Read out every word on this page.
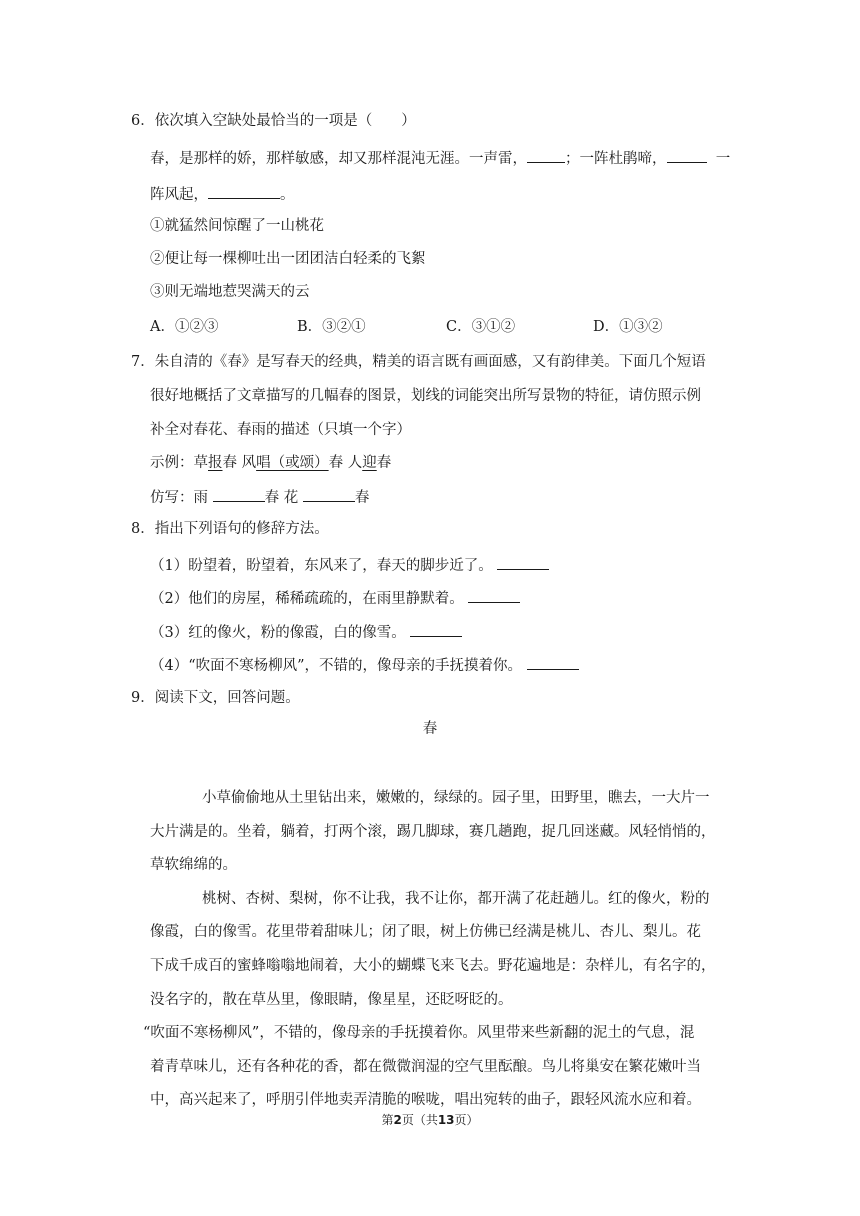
6．依次填入空缺处最恰当的一项是（　　）
春，是那样的娇，那样敏感，却又那样混沌无涯。一声雷，	；一阵杜鹃啼，	一
阵风起，	。
①就猛然间惊醒了一山桃花
②便让每一棵柳吐出一团团洁白轻柔的飞絮
③则无端地惹哭满天的云
A．①②③	B．③②①	C．③①②	D．①③②
7．朱自清的《春》是写春天的经典，精美的语言既有画面感，又有韵律美。下面几个短语
很好地概括了文章描写的几幅春的图景，划线的词能突出所写景物的特征，请仿照示例
补全对春花、春雨的描述（只填一个字）
示例：草报春 风唱（或颂）春 人迎春
仿写：雨	春 花	春
8．指出下列语句的修辞方法。
（1）盼望着，盼望着，东风来了，春天的脚步近了。
（2）他们的房屋，稀稀疏疏的，在雨里静默着。
（3）红的像火，粉的像霞，白的像雪。
（4）“吹面不寒杨柳风”，不错的，像母亲的手抚摸着你。
9．阅读下文，回答问题。
春
小草偷偷地从土里钻出来，嫩嫩的，绿绿的。园子里，田野里，瞧去，一大片一
大片满是的。坐着，躺着，打两个滚，踢几脚球，赛几趟跑，捉几回迷藏。风轻悄悄的，
草软绵绵的。
桃树、杏树、梨树，你不让我，我不让你，都开满了花赶趟儿。红的像火，粉的
像霞，白的像雪。花里带着甜味儿；闭了眼，树上仿佛已经满是桃儿、杏儿、梨儿。花
下成千成百的蜜蜂嗡嗡地闹着，大小的蝴蝶飞来飞去。野花遍地是：杂样儿，有名字的，
没名字的，散在草丛里，像眼睛，像星星，还眨呀眨的。
“吹面不寒杨柳风”，不错的，像母亲的手抚摸着你。风里带来些新翻的泥土的气息，混
着青草味儿，还有各种花的香，都在微微润湿的空气里酝酿。鸟儿将巢安在繁花嫩叶当
中，高兴起来了，呼朋引伴地卖弄清脆的喉咙，唱出宛转的曲子，跟轻风流水应和着。
第2页（共13页）
